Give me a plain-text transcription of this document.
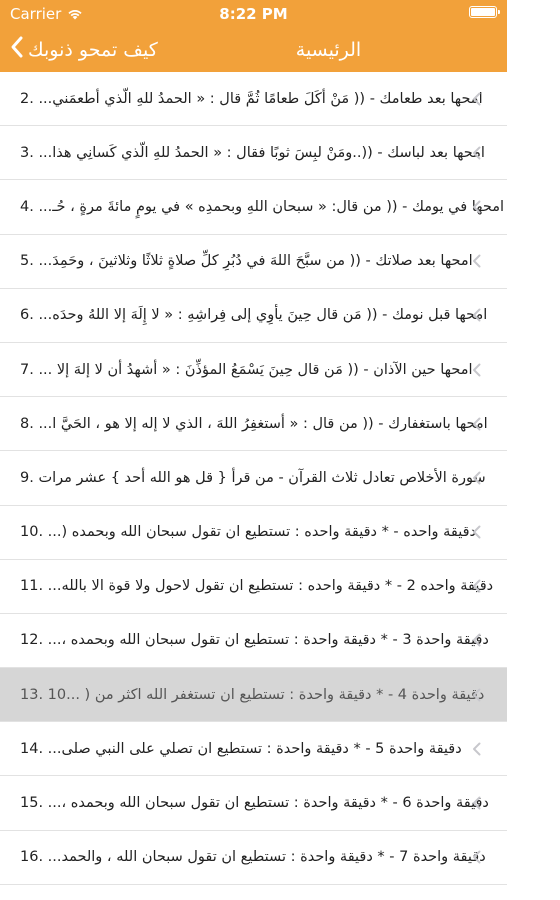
Carrier	8:22 PM
كيف تمحو ذنوبك	الرئيسية
امحها بعد طعامك - (( مَنْ أكَلَ طعامًا ثُمَّ قال : « الحمدُ للهِ الّذي أطعمَني... .2
امحها بعد لباسك - ((..ومَنْ لبِسَ ثوبًا فقال : « الحمدُ للهِ الّذي كَسانِي هذا... .3
امحها في يومك - (( من قال: « سبحان اللهِ وبحمدِه » في يومٍ مائةَ مرةٍ ، حُـ... .4
امحها بعد صلاتك - (( من سبَّحَ اللهَ في دُبُرِ كلِّ صلاةٍ ثلاثًا وثلاثينَ ، وحَمِدَ... .5
امحها قبل نومك - (( مَن قال حِينَ يأوِي إلى فِراشِهِ : « لا إِلَهَ إلا اللهُ وحدَه... .6
امحها حين الآذان - (( مَن قال حِينَ يَسْمَعُ المؤذِّنَ : « أشهدُ أن لا إلهَ إلا ... .7
امحها باستغفارك - (( من قال : « أستغفِرُ اللهَ ، الذي لا إله إلا هو ، الحَيَّ ا... .8
سورة الأخلاص تعادل ثلاث القرآن - من قرأ { قل هو الله أحد } عشر مرات .9
دقيقة واحده - * دقيقة واحده : تستطيع ان تقول سبحان الله وبحمده (... .10
دقيقة واحده 2 - * دقيقة واحده : تستطيع ان تقول لاحول ولا قوة الا بالله... .11
دقيقة واحدة 3 - * دقيقة واحدة : تستطيع ان تقول سبحان الله وبحمده ،... .12
دقيقة واحدة 4 - * دقيقة واحدة : تستطيع ان تستغفر الله اكثر من ( ...10 .13
دقيقة واحدة 5 - * دقيقة واحدة : تستطيع ان تصلي على النبي صلى... .14
دقيقة واحدة 6 - * دقيقة واحدة : تستطيع ان تقول سبحان الله وبحمده ،... .15
دقيقة واحدة 7 - * دقيقة واحدة : تستطيع ان تقول سبحان الله ، والحمد... .16
